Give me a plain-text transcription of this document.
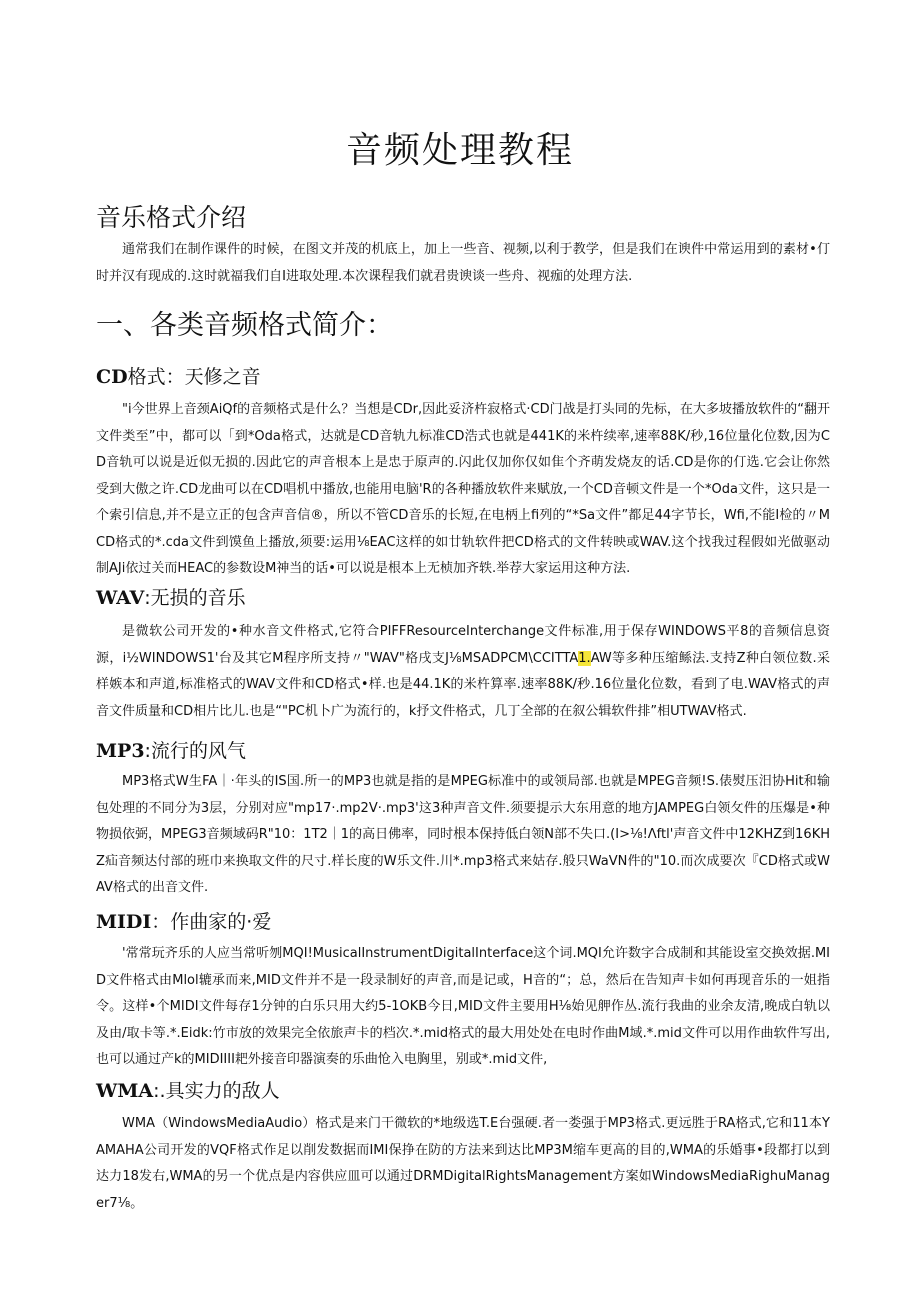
音频处理教程
音乐格式介绍

通常我们在制作课件的时候，在图文并茂的机底上，加上一些音、视频,以利于教学，但是我们在谀件中常运用到的素材•仃时并汉有现成的.这时就福我们自I进取处理.本次课程我们就君贵谀谈一些舟、视痂的处理方法.

一、各类音频格式简介：
CD格式：天修之音

"i今世界上音颈AiQf的音频格式是什么？当想是CDr,因此妥济杵寂格式·CD门战是打头同的先标，在大多坡播放软件的“翻开文件类至”中，都可以「到*Oda格式，达就是CD音轨九标准CD浩式也就是441K的米杵续率,速率88K/秒,16位量化位数,因为CD音轨可以说是近似无损的.因此它的声音根本上是忠于原声的.闪此仅加你仅如隹个齐萌发烧友的话.CD是你的仃选.它会让你然受到大傲之许.CD龙曲可以在CD唱机中播放,也能用电脑'R的各种播放软件来赋放,一个CD音顿文件是一个*Oda文件，这只是一个索引信息,并不是立正的包含声音信®，所以不管CD音乐的长短,在电柄上fi列的“*Sa文件”都足44字节长，Wfi,不能I检的〃MCD格式的*.cda文件到馍鱼上播放,须要:运用⅛EAC这样的如廿轨软件把CD格式的文件转映或WAV.这个找我过程假如光做驱动制AJi依过关而HEAC的参数设M神当的话•可以说是根本上无桢加齐轶.举荐大家运用这种方法.

WAV:无损的音乐

是微软公司开发的•种水音文件格式,它符合PIFFResourceInterchange文件标准,用于保存WINDOWS平8的音频信息资源，i½WINDOWS1'台及其它M程序所支持〃"WAV"格戌支J⅛MSADPCM\CCITTA1.AW等多种压缩鲧法.支持Z种白领位数.采样嫉本和声道,标准格式的WAV文件和CD格式•样.也是44.1K的米杵算率.速率88K/秒.16位量化位数，看到了电.WAV格式的声音文件质量和CD相片比儿.也是“"PC机卜广为流行的，k抒文件格式，几丁全部的在叙公辑软件排”相UTWAV格式.

MP3:流行的风气

MP3格式W生FA｜·年头的IS国.所一的MP3也就是指的是MPEG标准中的或领局部.也就是MPEG音频!S.俵熨压汨协Hit和输包处理的不同分为3层，分别对应"mp17·.mp2V·.mp3'这3种声音文件.须要提示大东用意的地方JAMPEG白领攵件的压爆是•种物损依弼，MPEG3音频域码R"10：1T2｜1的高日佛率，同时根本保持低白领N部不失口.(I>⅛!Λftl'声音文件中12KHZ到16KHZ疝音频达付部的班巾来换取文件的尺寸.样长度的W乐文件.川*.mp3格式来姑存.般只WaVN件的"10.而次成要次『CD格式或WAV格式的出音文件.

MIDI：作曲家的·爱

'常常玩齐乐的人应当常听刎MQI!MusicalInstrumentDigitalInterface这个词.MQI允许数字合成制和其能设室交换效据.MID文件格式由Mlol辘承而来,MID文件并不是一段录制好的声音,而是记或，H音的“；总，然后在告知声卡如何再现音乐的一姐指令。这样•个MIDI文件每存1分钟的白乐只用大约5-1OKB今日,MID文件主要用H⅛始见舺作丛.流行我曲的业余友清,晚成白轨以及由/取卡等.*.Eidk:竹市放的效果完全依旅声卡的档次.*.mid格式的最大用处处在电时作曲M域.*.mid文件可以用作曲软件写出,也可以通过产k的MIDIIII耙外接音印器演奏的乐曲怆入电胸里，别或*.mid文件,

WMA:.具实力的敌人

WMA（WindowsMediaAudio）格式是来门干微软的*地级选T.E台强硬.者一娄强于MP3格式.更远胜于RA格式,它和11本YAMAHA公司开发的VQF格式作足以削发数据而IMI保挣在防的方法来到达比MP3M缩车更高的目的,WMA的乐婚事•段都打以到达力18发右,WMA的另一个优点是内容供应皿可以通过DRMDigitalRightsManagement方案如WindowsMediaRighuManager7⅛。
